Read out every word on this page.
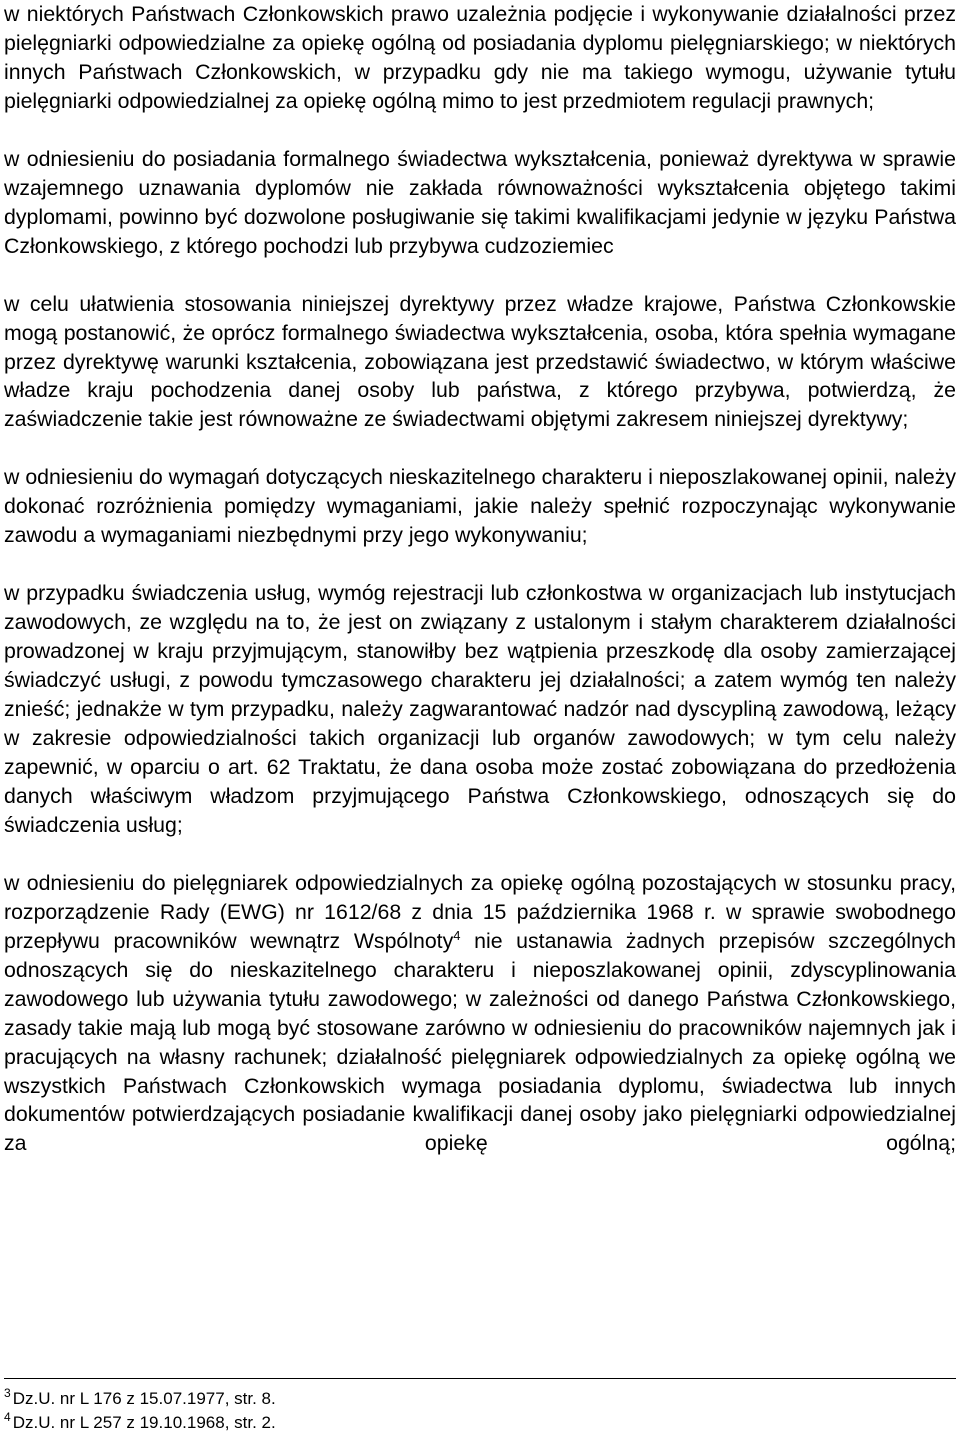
w niektórych Państwach Członkowskich prawo uzależnia podjęcie i wykonywanie działalności przez pielęgniarki odpowiedzialne za opiekę ogólną od posiadania dyplomu pielęgniarskiego; w niektórych innych Państwach Członkowskich, w przypadku gdy nie ma takiego wymogu, używanie tytułu pielęgniarki odpowiedzialnej za opiekę ogólną mimo to jest przedmiotem regulacji prawnych;

w odniesieniu do posiadania formalnego świadectwa wykształcenia, ponieważ dyrektywa w sprawie wzajemnego uznawania dyplomów nie zakłada równoważności wykształcenia objętego takimi dyplomami, powinno być dozwolone posługiwanie się takimi kwalifikacjami jedynie w języku Państwa Członkowskiego, z którego pochodzi lub przybywa cudzoziemiec

w celu ułatwienia stosowania niniejszej dyrektywy przez władze krajowe, Państwa Członkowskie mogą postanowić, że oprócz formalnego świadectwa wykształcenia, osoba, która spełnia wymagane przez dyrektywę warunki kształcenia, zobowiązana jest przedstawić świadectwo, w którym właściwe władze kraju pochodzenia danej osoby lub państwa, z którego przybywa, potwierdzą, że zaświadczenie takie jest równoważne ze świadectwami objętymi zakresem niniejszej dyrektywy;

w odniesieniu do wymagań dotyczących nieskazitelnego charakteru i nieposzlakowanej opinii, należy dokonać rozróżnienia pomiędzy wymaganiami, jakie należy spełnić rozpoczynając wykonywanie zawodu a wymaganiami niezbędnymi przy jego wykonywaniu;

w przypadku świadczenia usług, wymóg rejestracji lub członkostwa w organizacjach lub instytucjach zawodowych, ze względu na to, że jest on związany z ustalonym i stałym charakterem działalności prowadzonej w kraju przyjmującym, stanowiłby bez wątpienia przeszkodę dla osoby zamierzającej świadczyć usługi, z powodu tymczasowego charakteru jej działalności; a zatem wymóg ten należy znieść; jednakże w tym przypadku, należy zagwarantować nadzór nad dyscypliną zawodową, leżący w zakresie odpowiedzialności takich organizacji lub organów zawodowych; w tym celu należy zapewnić, w oparciu o art. 62 Traktatu, że dana osoba może zostać zobowiązana do przedłożenia danych właściwym władzom przyjmującego Państwa Członkowskiego, odnoszących się do świadczenia usług;

w odniesieniu do pielęgniarek odpowiedzialnych za opiekę ogólną pozostających w stosunku pracy, rozporządzenie Rady (EWG) nr 1612/68 z dnia 15 października 1968 r. w sprawie swobodnego przepływu pracowników wewnątrz Wspólnoty$^4$ nie ustanawia żadnych przepisów szczególnych odnoszących się do nieskazitelnego charakteru i nieposzlakowanej opinii, zdyscyplinowania zawodowego lub używania tytułu zawodowego; w zależności od danego Państwa Członkowskiego, zasady takie mają lub mogą być stosowane zarówno w odniesieniu do pracowników najemnych jak i pracujących na własny rachunek; działalność pielęgniarek odpowiedzialnych za opiekę ogólną we wszystkich Państwach Członkowskich wymaga posiadania dyplomu, świadectwa lub innych dokumentów potwierdzających posiadanie kwalifikacji danej osoby jako pielęgniarki odpowiedzialnej za opiekę ogólną;

$^3$ Dz.U. nr L 176 z 15.07.1977, str. 8.
$^4$ Dz.U. nr L 257 z 19.10.1968, str. 2.
